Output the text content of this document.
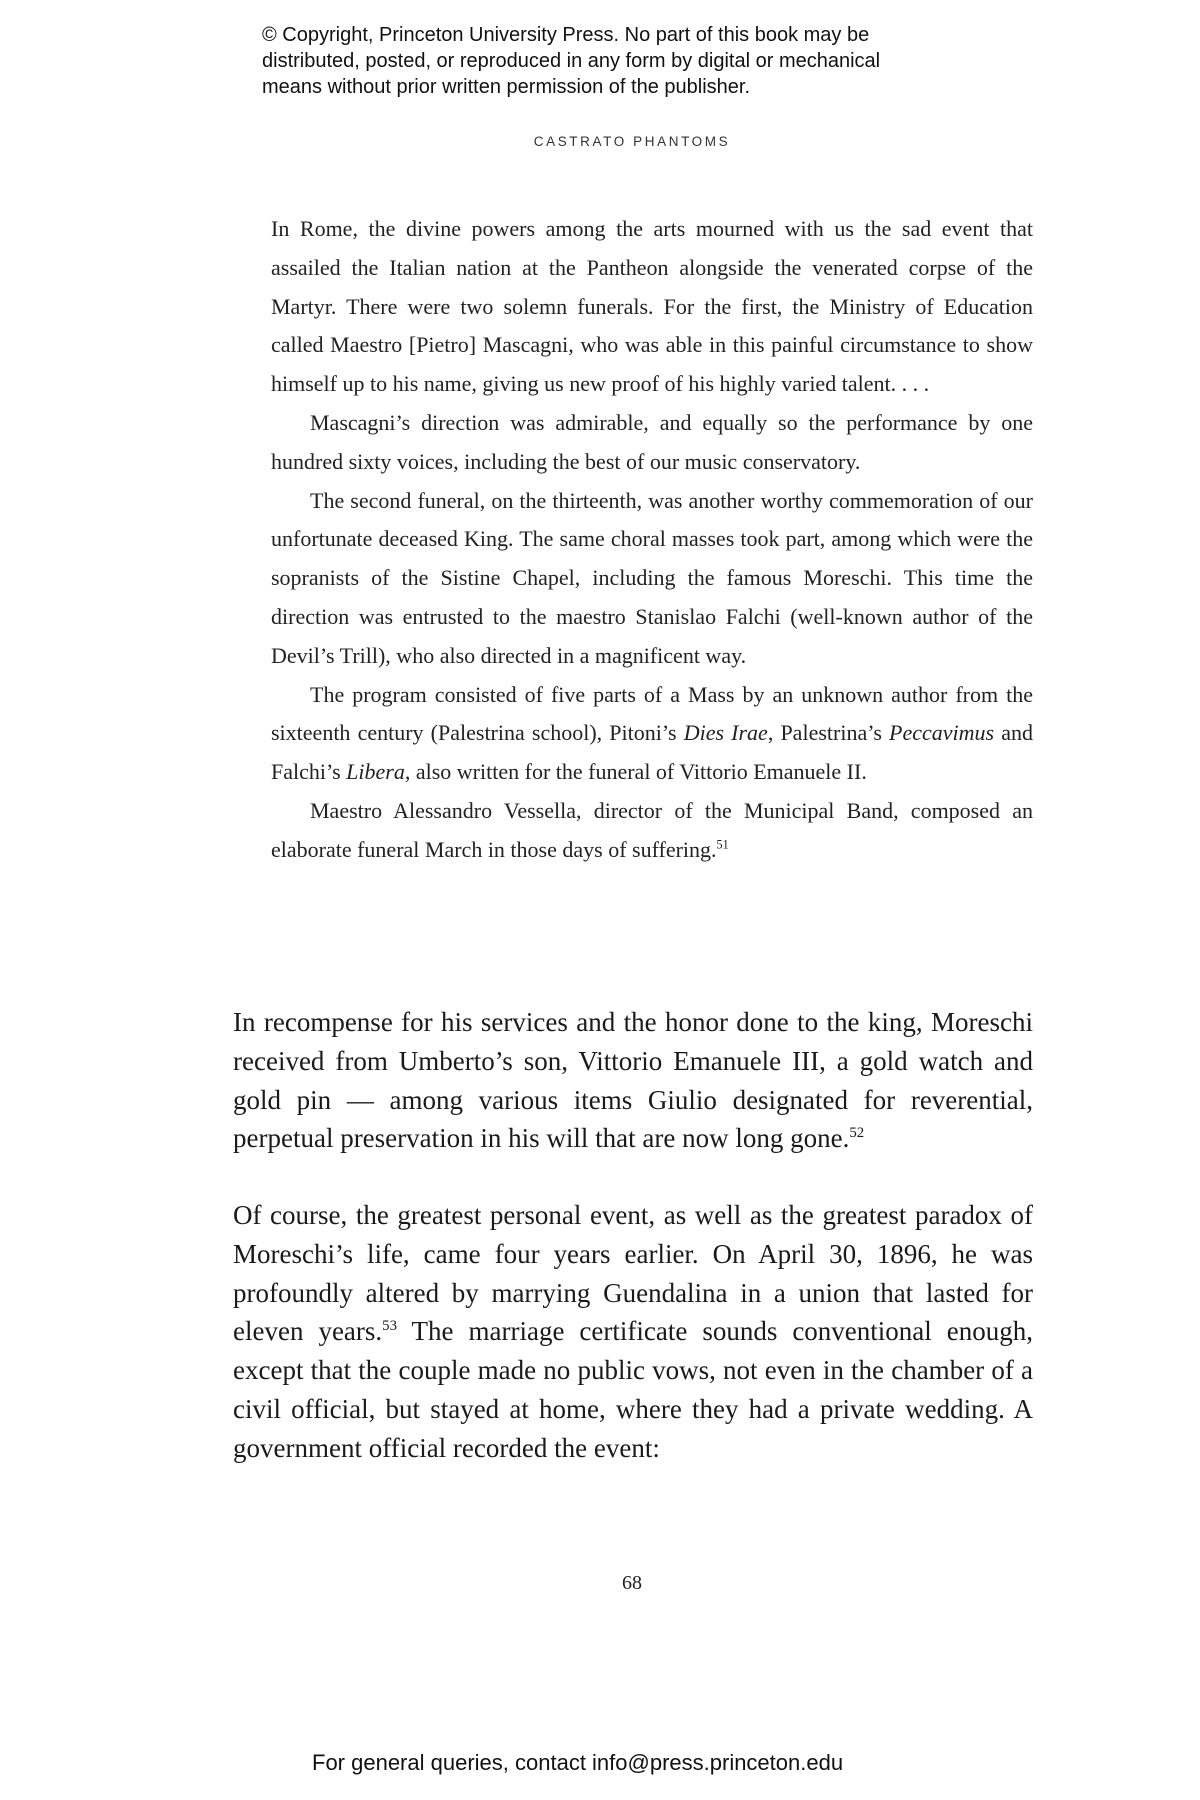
© Copyright, Princeton University Press. No part of this book may be
distributed, posted, or reproduced in any form by digital or mechanical
means without prior written permission of the publisher.
CASTRATO PHANTOMS

In Rome, the divine powers among the arts mourned with us the sad event that assailed the Italian nation at the Pantheon alongside the venerated corpse of the Martyr. There were two solemn funerals. For the first, the Ministry of Education called Maestro [Pietro] Mascagni, who was able in this painful circumstance to show himself up to his name, giving us new proof of his highly varied talent. . . .

Mascagni’s direction was admirable, and equally so the performance by one hundred sixty voices, including the best of our music conservatory.

The second funeral, on the thirteenth, was another worthy commemoration of our unfortunate deceased King. The same choral masses took part, among which were the sopranists of the Sistine Chapel, including the famous Moreschi. This time the direction was entrusted to the maestro Stanislao Falchi (well-known author of the Devil’s Trill), who also directed in a magnificent way.

The program consisted of five parts of a Mass by an unknown author from the sixteenth century (Palestrina school), Pitoni’s Dies Irae, Palestrina’s Peccavimus and Falchi’s Libera, also written for the funeral of Vittorio Emanuele II.

Maestro Alessandro Vessella, director of the Municipal Band, composed an elaborate funeral March in those days of suffering.$^{51}$

In recompense for his services and the honor done to the king, Moreschi received from Umberto’s son, Vittorio Emanuele III, a gold watch and gold pin — among various items Giulio designated for reverential, perpetual preservation in his will that are now long gone.$^{52}$

Of course, the greatest personal event, as well as the greatest paradox of Moreschi’s life, came four years earlier. On April 30, 1896, he was profoundly altered by marrying Guendalina in a union that lasted for eleven years.$^{53}$ The marriage certificate sounds conventional enough, except that the couple made no public vows, not even in the chamber of a civil official, but stayed at home, where they had a private wedding. A government official recorded the event:

68
For general queries, contact info@press.princeton.edu
